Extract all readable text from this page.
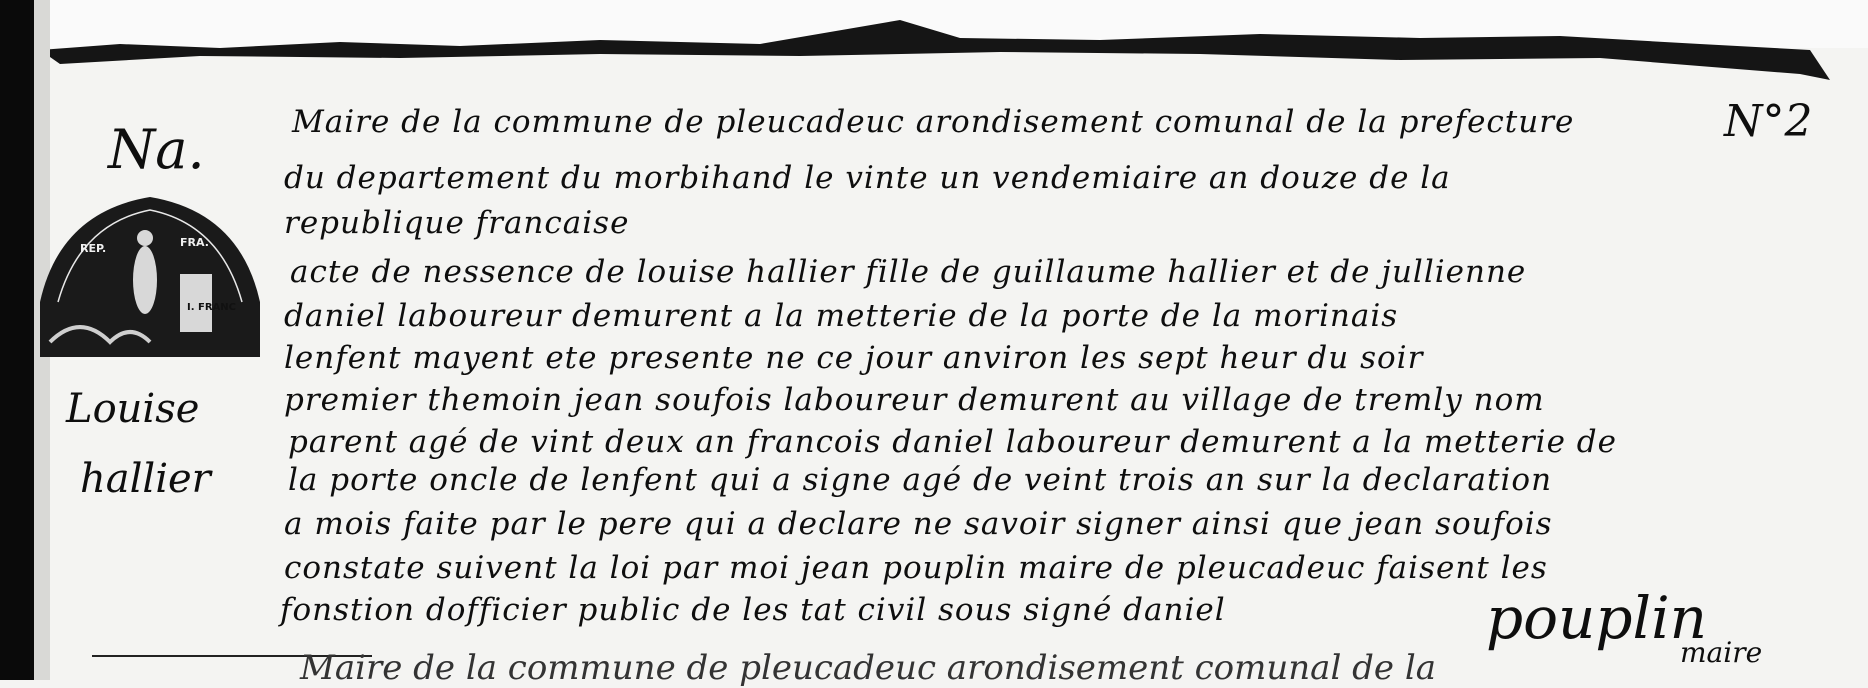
Na.
REP.	FRA.
I. FRANC
Louise
hallier
N°2
Maire de la commune de pleucadeuc arondisement comunal de la prefecture
du departement du morbihand le vinte un vendemiaire an douze de la
republique francaise
acte de nessence de louise hallier fille de guillaume hallier et de jullienne
daniel laboureur demurent a la metterie de la porte de la morinais
lenfent mayent ete presente ne ce jour anviron les sept heur du soir
premier themoin jean soufois laboureur demurent au village de tremly nom
parent agé de vint deux an francois daniel laboureur demurent a la metterie de
la porte oncle de lenfent qui a signe agé de veint trois an sur la declaration
a mois faite par le pere qui a declare ne savoir signer ainsi que jean soufois
constate suivent la loi par moi jean pouplin maire de pleucadeuc faisent les
fonstion dofficier public de les tat civil sous signé daniel	pouplin
maire
Maire de la commune de pleucadeuc arondisement comunal de la
